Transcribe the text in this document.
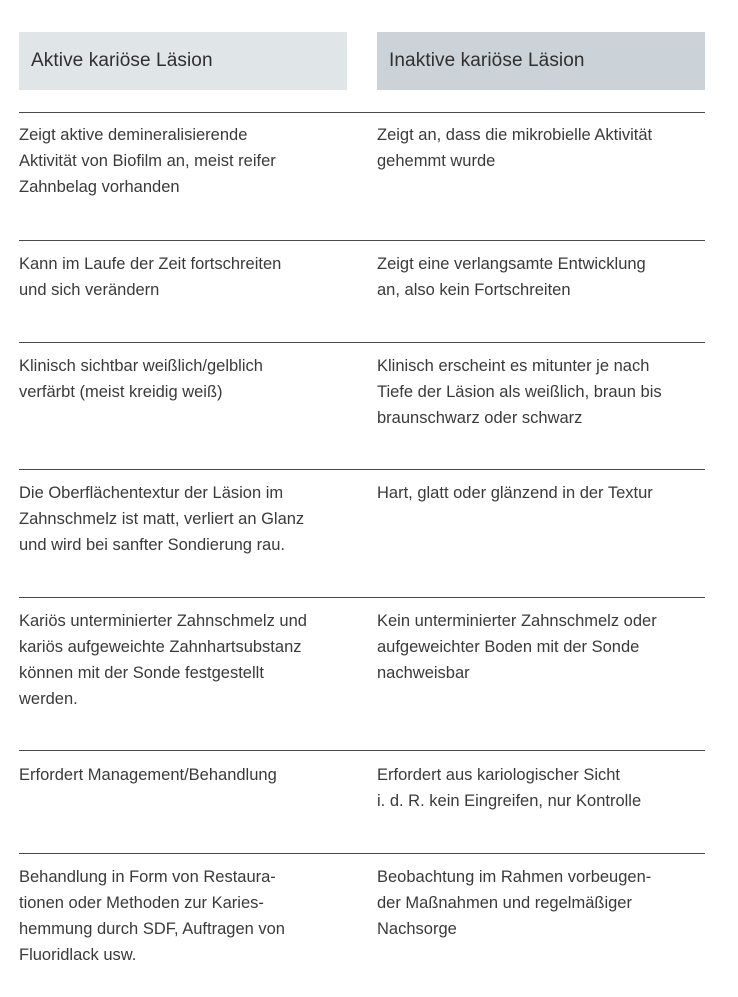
Aktive kariöse Läsion	Inaktive kariöse Läsion
Zeigt aktive demineralisierende
Aktivität von Biofilm an, meist reifer
Zahnbelag vorhanden
Zeigt an, dass die mikrobielle Aktivität
gehemmt wurde
Kann im Laufe der Zeit fortschreiten
und sich verändern
Zeigt eine verlangsamte Entwicklung
an, also kein Fortschreiten
Klinisch sichtbar weißlich/gelblich
verfärbt (meist kreidig weiß)
Klinisch erscheint es mitunter je nach
Tiefe der Läsion als weißlich, braun bis
braunschwarz oder schwarz
Die Oberflächentextur der Läsion im
Zahnschmelz ist matt, verliert an Glanz
und wird bei sanfter Sondierung rau.
Hart, glatt oder glänzend in der Textur
Kariös unterminierter Zahnschmelz und
kariös aufgeweichte Zahnhartsubstanz
können mit der Sonde festgestellt
werden.
Kein unterminierter Zahnschmelz oder
aufgeweichter Boden mit der Sonde
nachweisbar
Erfordert Management/Behandlung	Erfordert aus kariologischer Sicht
i. d. R. kein Eingreifen, nur Kontrolle
Behandlung in Form von Restaura-
tionen oder Methoden zur Karies-
hemmung durch SDF, Auftragen von
Fluoridlack usw.
Beobachtung im Rahmen vorbeugen-
der Maßnahmen und regelmäßiger
Nachsorge
